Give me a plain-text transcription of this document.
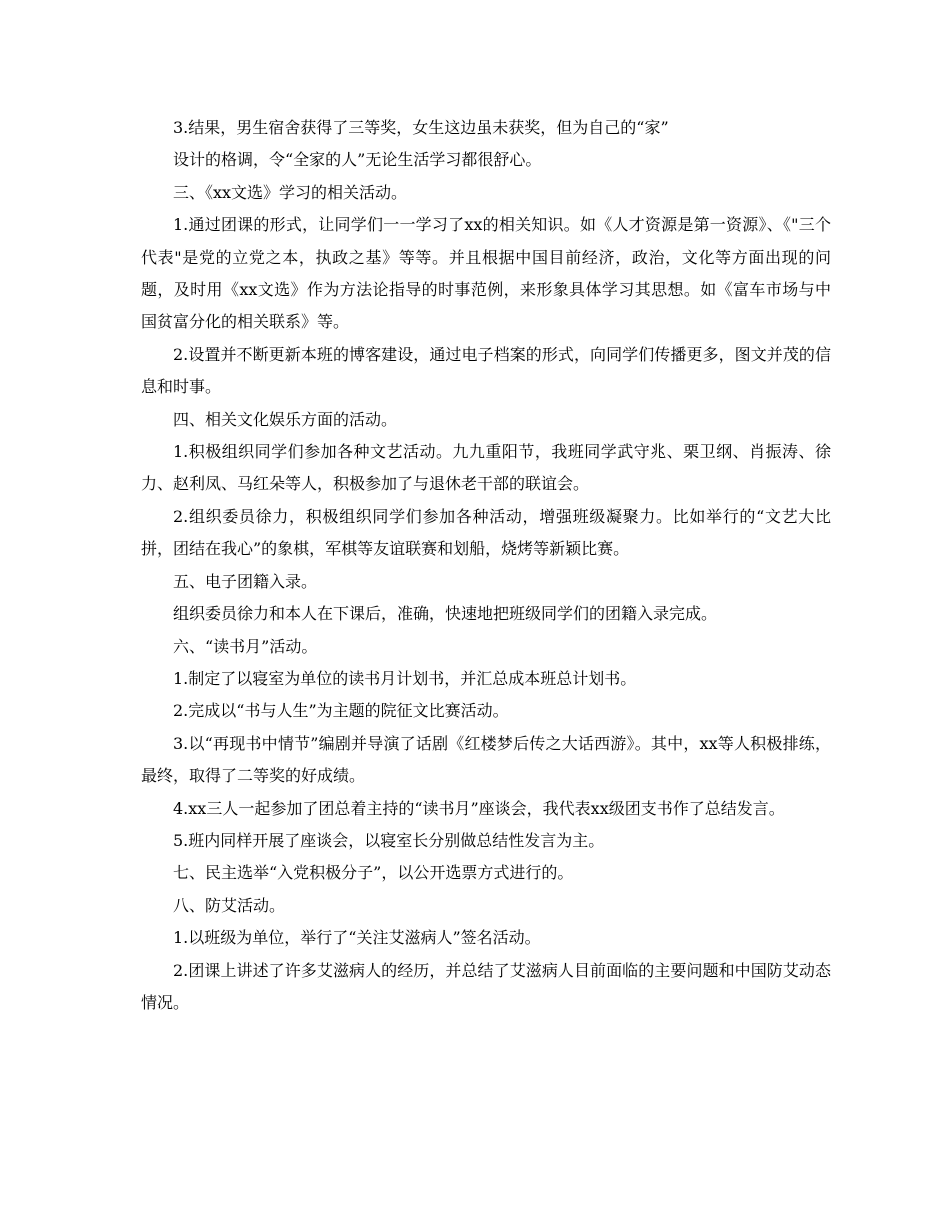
3.结果，男生宿舍获得了三等奖，女生这边虽未获奖，但为自己的“家”

设计的格调，令“全家的人”无论生活学习都很舒心。

三、《xx文选》学习的相关活动。

1.通过团课的形式，让同学们一一学习了xx的相关知识。如《人才资源是第一资源》、《"三个代表"是党的立党之本，执政之基》等等。并且根据中国目前经济，政治，文化等方面出现的问题，及时用《xx文选》作为方法论指导的时事范例，来形象具体学习其思想。如《富车市场与中国贫富分化的相关联系》等。

2.设置并不断更新本班的博客建设，通过电子档案的形式，向同学们传播更多，图文并茂的信息和时事。

四、相关文化娱乐方面的活动。

1.积极组织同学们参加各种文艺活动。九九重阳节，我班同学武守兆、栗卫纲、肖振涛、徐力、赵利凤、马红朵等人，积极参加了与退休老干部的联谊会。

2.组织委员徐力，积极组织同学们参加各种活动，增强班级凝聚力。比如举行的“文艺大比拼，团结在我心”的象棋，军棋等友谊联赛和划船，烧烤等新颖比赛。

五、电子团籍入录。

组织委员徐力和本人在下课后，准确，快速地把班级同学们的团籍入录完成。

六、“读书月”活动。

1.制定了以寝室为单位的读书月计划书，并汇总成本班总计划书。

2.完成以“书与人生”为主题的院征文比赛活动。

3.以“再现书中情节”编剧并导演了话剧《红楼梦后传之大话西游》。其中，xx等人积极排练，最终，取得了二等奖的好成绩。

4.xx三人一起参加了团总着主持的“读书月”座谈会，我代表xx级团支书作了总结发言。

5.班内同样开展了座谈会，以寝室长分别做总结性发言为主。

七、民主选举“入党积极分子”，以公开选票方式进行的。

八、防艾活动。

1.以班级为单位，举行了“关注艾滋病人”签名活动。

2.团课上讲述了许多艾滋病人的经历，并总结了艾滋病人目前面临的主要问题和中国防艾动态情况。
